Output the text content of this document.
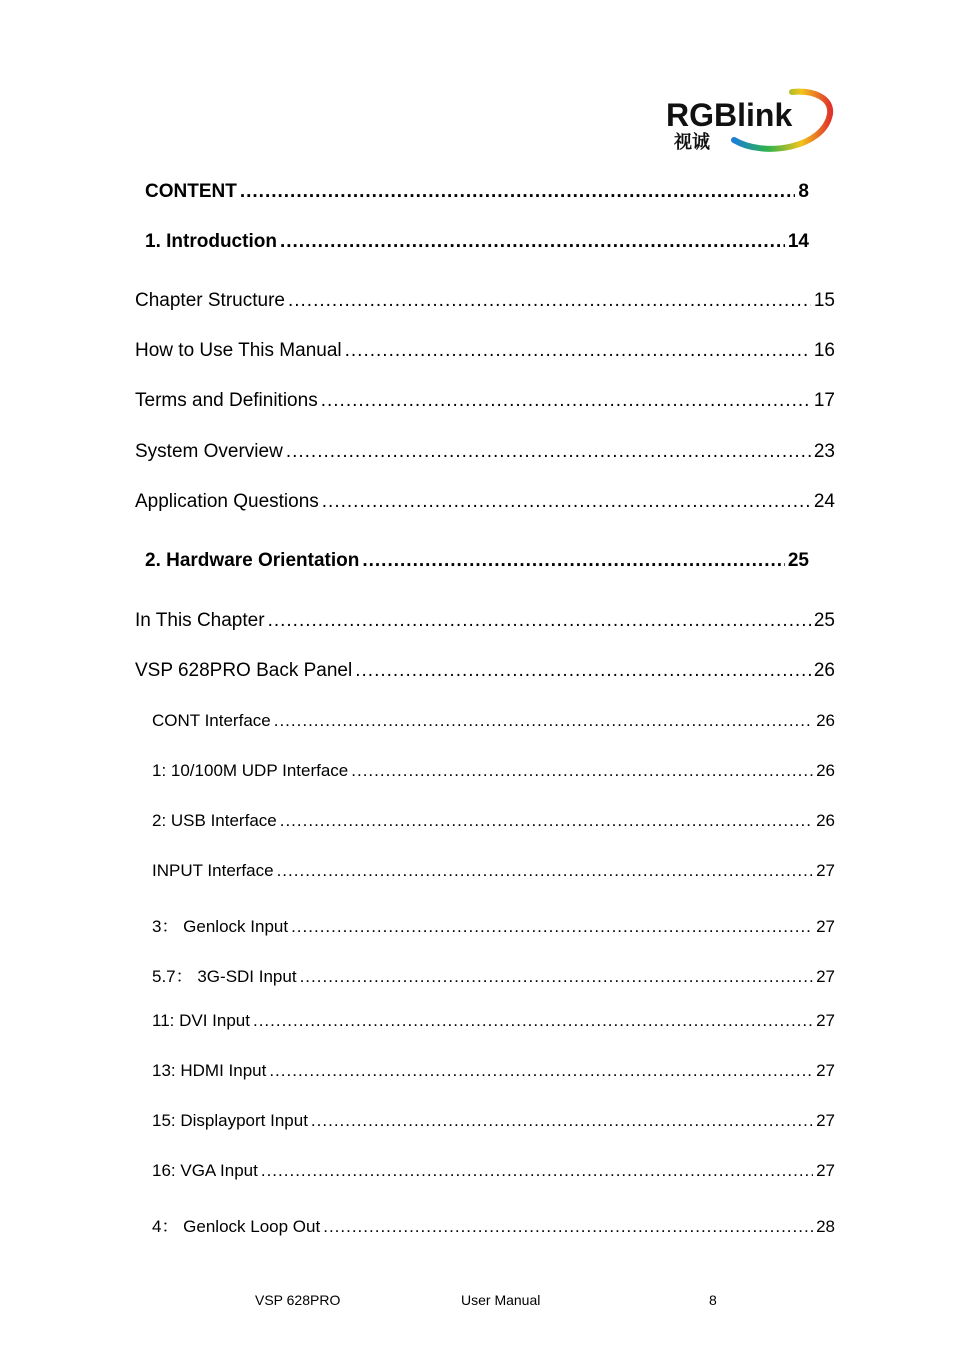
RGBlink
视诚
CONTENT .....	8
1. Introduction .....	14
Chapter Structure .....	15
How to Use This Manual .....	16
Terms and Definitions .....	17
System Overview .....	23
Application Questions .....	24
2. Hardware Orientation .....	25
In This Chapter .....	25
VSP 628PRO Back Panel .....	26
CONT Interface .....	26
1: 10/100M UDP Interface .....	26
2: USB Interface .....	26
INPUT Interface .....	27
3： Genlock Input .....	27
5.7： 3G-SDI Input .....	27
11: DVI Input .....	27
13: HDMI Input .....	27
15: Displayport Input .....	27
16: VGA Input .....	27
4： Genlock Loop Out .....	28
VSP 628PRO	User Manual	8
